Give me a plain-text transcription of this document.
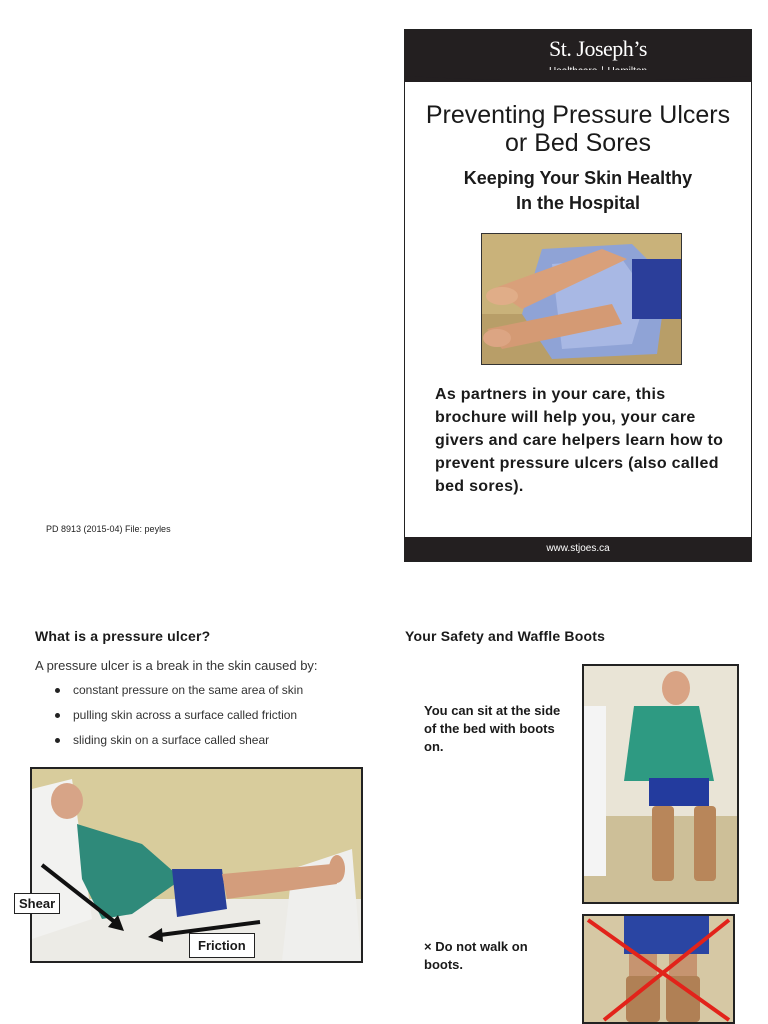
St. Joseph’s
Preventing Pressure Ulcers
or Bed Sores
Keeping Your Skin Healthy
In the Hospital
As partners in your care, this brochure will help you, your care givers and care helpers learn how to prevent pressure ulcers (also called bed sores).
www.stjoes.ca
PD 8913 (2015-04) File: peyles
What is a pressure ulcer?
A pressure ulcer is a break in the skin caused by:
constant pressure on the same area of skin
pulling skin across a surface called friction
sliding skin on a surface called shear
Shear
Friction
Your Safety and Waffle Boots
You can sit at the side of the bed with boots on.
× Do not walk on boots.
